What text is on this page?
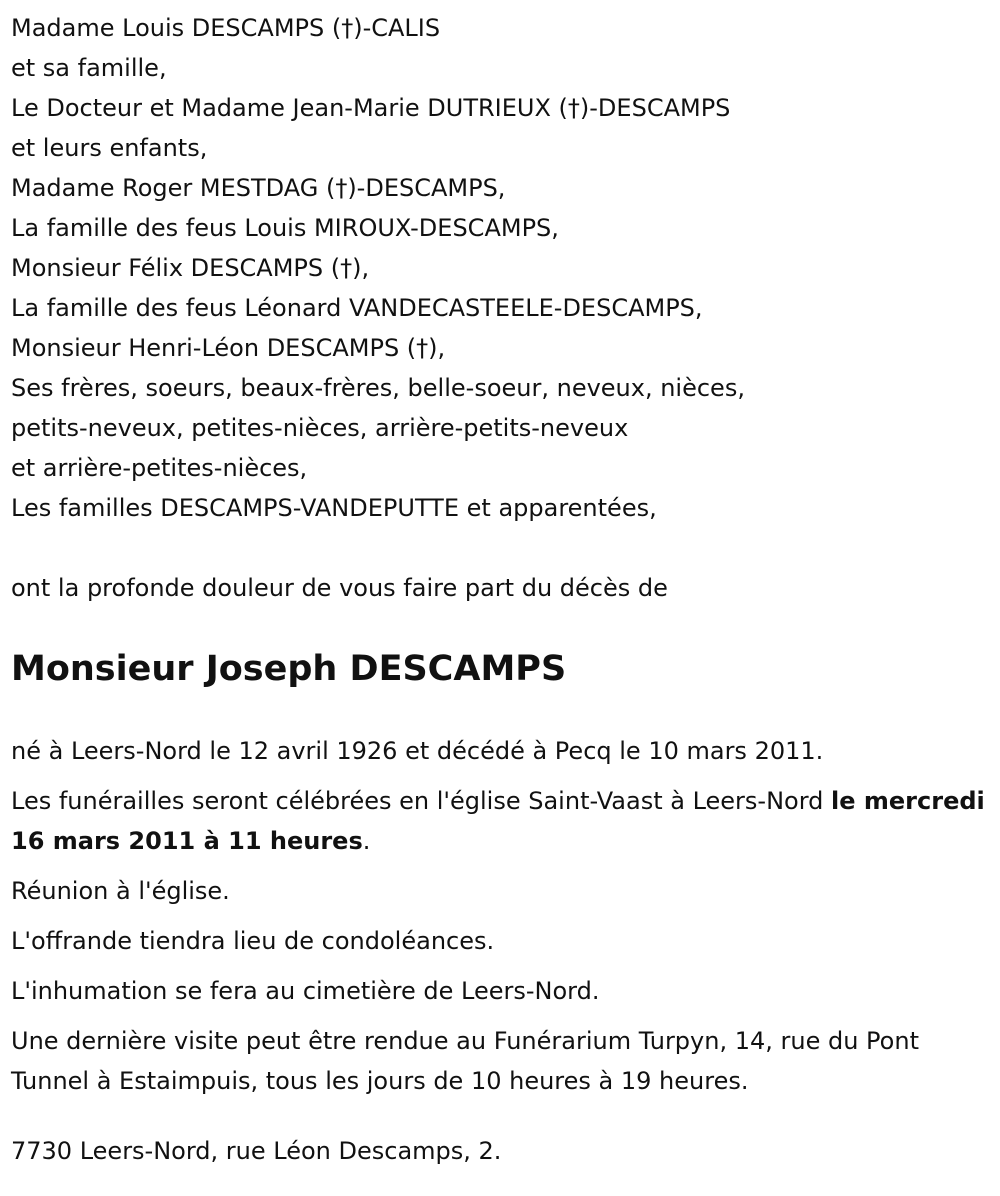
Madame Louis DESCAMPS (†)-CALIS
et sa famille,
Le Docteur et Madame Jean-Marie DUTRIEUX (†)-DESCAMPS
et leurs enfants,
Madame Roger MESTDAG (†)-DESCAMPS,
La famille des feus Louis MIROUX-DESCAMPS,
Monsieur Félix DESCAMPS (†),
La famille des feus Léonard VANDECASTEELE-DESCAMPS,
Monsieur Henri-Léon DESCAMPS (†),
Ses frères, soeurs, beaux-frères, belle-soeur, neveux, nièces,
petits-neveux, petites-nièces, arrière-petits-neveux
et arrière-petites-nièces,
Les familles DESCAMPS-VANDEPUTTE et apparentées,
ont la profonde douleur de vous faire part du décès de
Monsieur Joseph DESCAMPS

né à Leers-Nord le 12 avril 1926 et décédé à Pecq le 10 mars 2011.

Les funérailles seront célébrées en l'église Saint-Vaast à Leers-Nord le mercredi 16 mars 2011 à 11 heures.

Réunion à l'église.

L'offrande tiendra lieu de condoléances.

L'inhumation se fera au cimetière de Leers-Nord.

Une dernière visite peut être rendue au Funérarium Turpyn, 14, rue du Pont Tunnel à Estaimpuis, tous les jours de 10 heures à 19 heures.

7730 Leers-Nord, rue Léon Descamps, 2.
